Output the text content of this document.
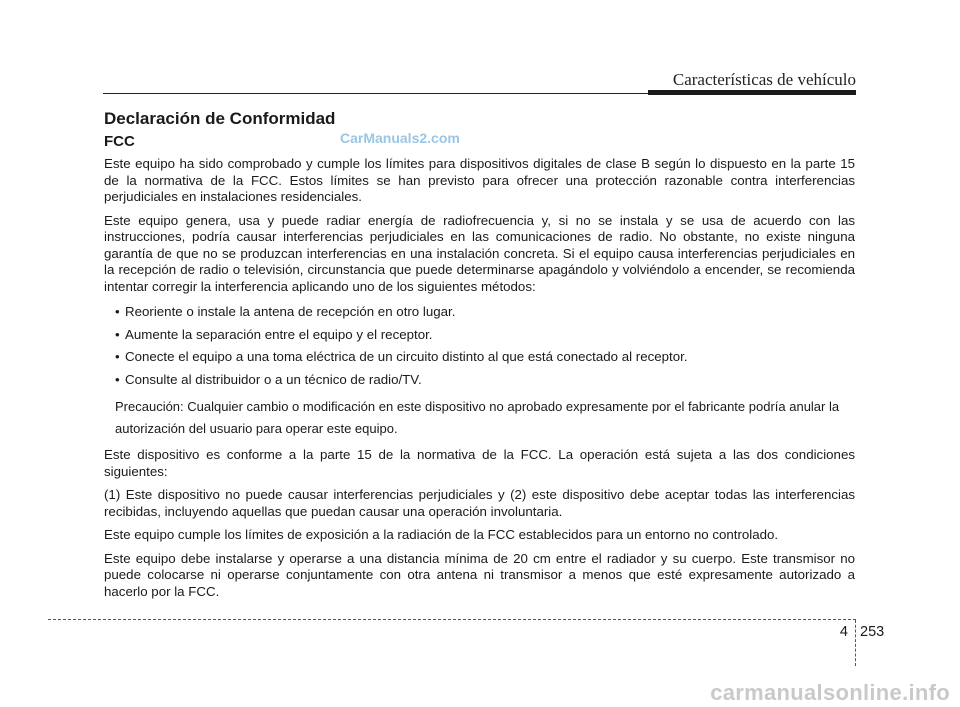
Características de vehículo
CarManuals2.com
Declaración de Conformidad
FCC

Este equipo ha sido comprobado y cumple los límites para dispositivos digitales de clase B según lo dispuesto en la parte 15 de la normativa de la FCC. Estos límites se han previsto para ofrecer una protección razonable contra interferencias perjudiciales en instalaciones residenciales.

Este equipo genera, usa y puede radiar energía de radiofrecuencia y, si no se instala y se usa de acuerdo con las instrucciones, podría causar interferencias perjudiciales en las comunicaciones de radio. No obstante, no existe ninguna garantía de que no se produzcan interferencias en una instalación concreta. Si el equipo causa interferencias perjudiciales en la recepción de radio o televisión, circunstancia que puede determinarse apagándolo y volviéndolo a encender, se recomienda intentar corregir la interferencia aplicando uno de los siguientes métodos:

• Reoriente o instale la antena de recepción en otro lugar.
• Aumente la separación entre el equipo y el receptor.
• Conecte el equipo a una toma eléctrica de un circuito distinto al que está conectado al receptor.
• Consulte al distribuidor o a un técnico de radio/TV.

Precaución: Cualquier cambio o modificación en este dispositivo no aprobado expresamente por el fabricante podría anular la autorización del usuario para operar este equipo.

Este dispositivo es conforme a la parte 15 de la normativa de la FCC. La operación está sujeta a las dos condiciones siguientes:

(1) Este dispositivo no puede causar interferencias perjudiciales y (2) este dispositivo debe aceptar todas las interferencias recibidas, incluyendo aquellas que puedan causar una operación involuntaria.

Este equipo cumple los límites de exposición a la radiación de la FCC establecidos para un entorno no controlado.

Este equipo debe instalarse y operarse a una distancia mínima de 20 cm entre el radiador y su cuerpo. Este transmisor no puede colocarse ni operarse conjuntamente con otra antena ni transmisor a menos que esté expresamente autorizado a hacerlo por la FCC.

4 253
carmanualsonline.info
